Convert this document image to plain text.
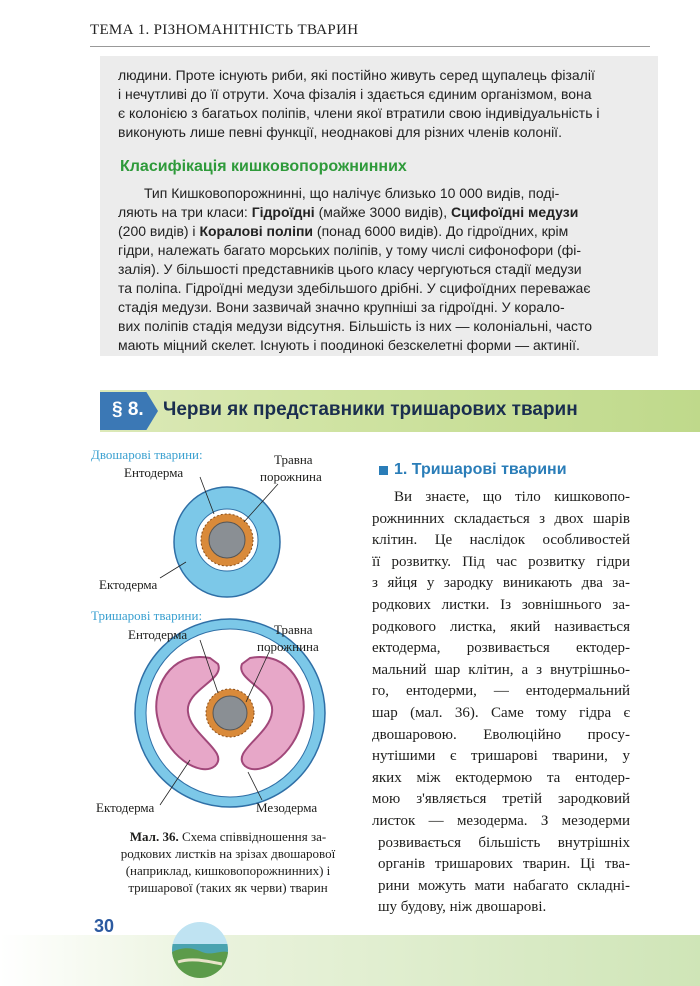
ТЕМА 1. РІЗНОМАНІТНІСТЬ ТВАРИН
людини. Проте існують риби, які постійно живуть серед щупалець фізалії
і нечутливі до її отрути. Хоча фізалія і здається єдиним організмом, вона
є колонією з багатьох поліпів, члени якої втратили свою індивідуальність і
виконують лише певні функції, неоднакові для різних членів колонії.
Класифікація кишковопорожнинних
Тип Кишковопорожнинні, що налічує близько 10 000 видів, поді-
ляють на три класи: Гідроїдні (майже 3000 видів), Сцифоїдні медузи
(200 видів) і Коралові поліпи (понад 6000 видів). До гідроїдних, крім
гідри, належать багато морських поліпів, у тому числі сифонофори (фі-
залія). У більшості представників цього класу чергуються стадії медузи
та поліпа. Гідроїдні медузи здебільшого дрібні. У сцифоїдних переважає
стадія медузи. Вони зазвичай значно крупніші за гідроїдні. У коралo-
вих поліпів стадія медузи відсутня. Більшість із них — колоніальні, часто
мають міцний скелет. Існують і поодинокі безскелетні форми — актинії.
§ 8. Черви як представники тришарових тварин
Двошарові тварини:
Ентодерма
Травна
порожнина
Ектодерма
Тришарові тварини:
Ентодерма	Травна
порожнина
Ектодерма	Мезодерма
Мал. 36. Схема співвідношення за-
родкових листків на зрізах двошарової
(наприклад, кишковопорожнинних) і
тришарової (таких як черви) тварин
1. Тришарові тварини
Ви знаєте, що тіло кишковопо-
рожнинних складається з двох шарів
клітин. Це наслідок особливостей
її розвитку. Під час розвитку гідри
з яйця у зародку виникають два за-
родкових листки. Із зовнішнього за-
родкового листка, який називається
ектодерма, розвивається ектодер-
мальний шар клітин, а з внутрішньо-
го, ентодерми, — ентодермальний
шар (мал. 36). Саме тому гідра є
двошаровою. Еволюційно просу-
нутішими є тришарові тварини, у
яких між ектодермою та ентодер-
мою з'являється третій зародковий
листок — мезодерма. З мезодерми
розвивається більшість внутрішніх
органів тришарових тварин. Ці тва-
рини можуть мати набагато складні-
шу будову, ніж двошарові.
30
